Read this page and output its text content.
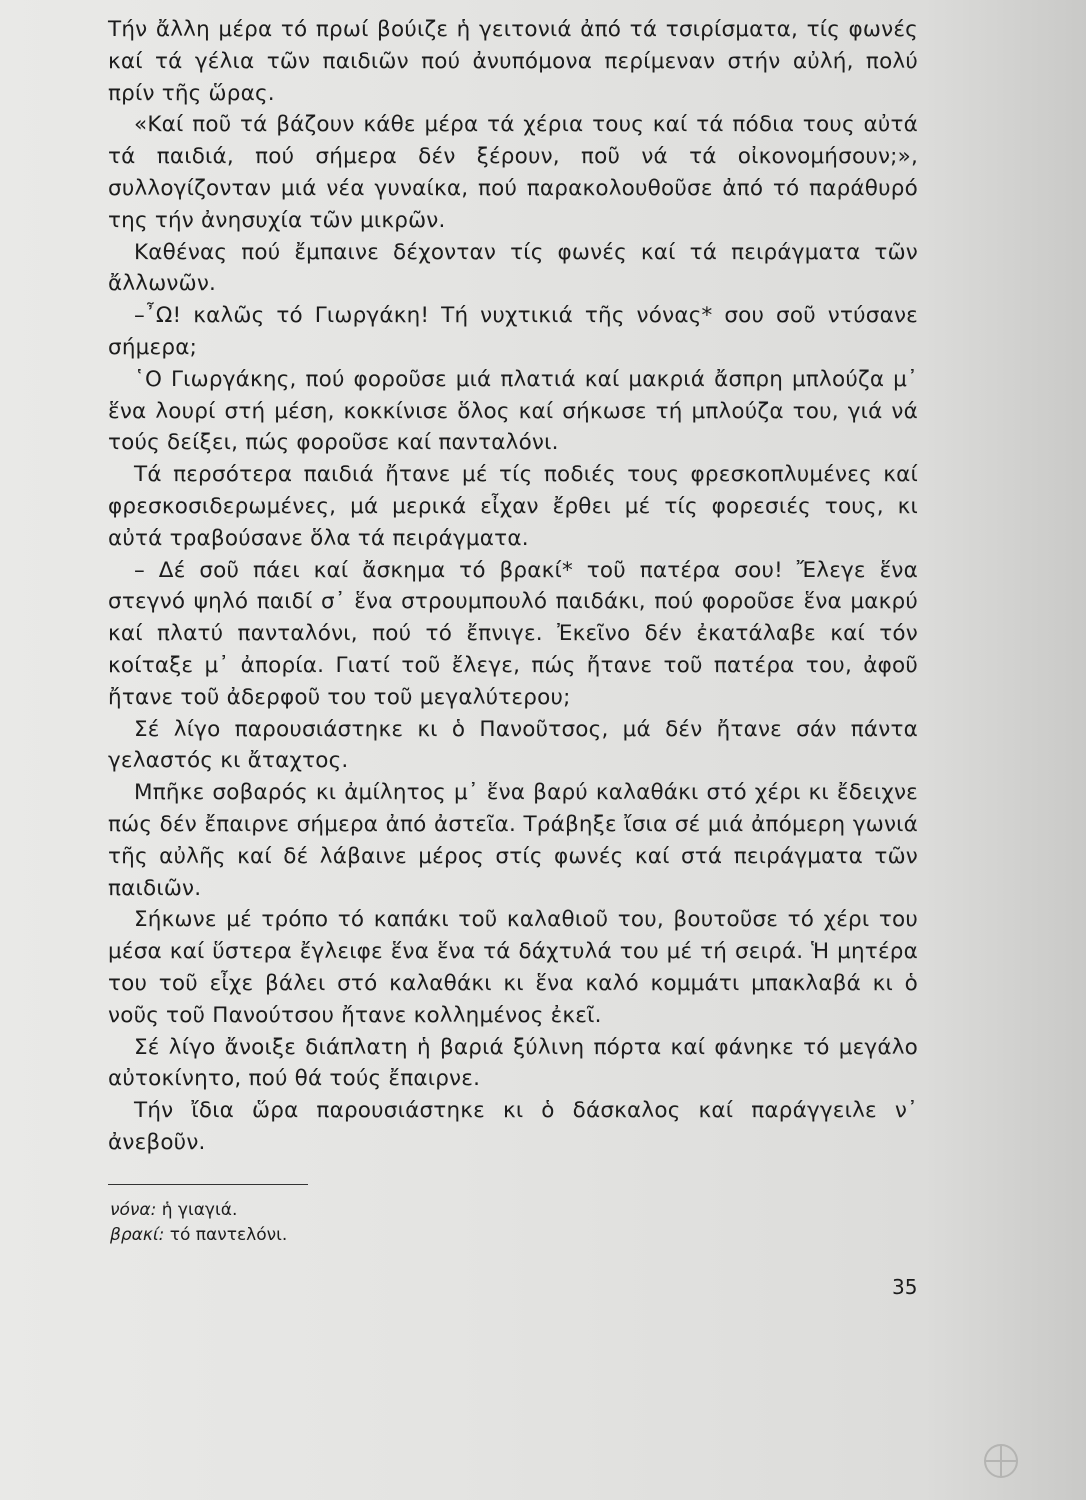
Τήν ἄλλη μέρα τό πρωί βούιζε ἡ γειτονιά ἀπό τά τσιρίσματα, τίς φωνές καί τά γέλια τῶν παιδιῶν πού ἀνυπόμονα περίμεναν στήν αὐλή, πολύ πρίν τῆς ὥρας.

«Καί ποῦ τά βάζουν κάθε μέρα τά χέρια τους καί τά πόδια τους αὐτά τά παιδιά, πού σήμερα δέν ξέρουν, ποῦ νά τά οἰκονομήσουν;», συλλογίζονταν μιά νέα γυναίκα, πού παρακολουθοῦσε ἀπό τό παράθυρό της τήν ἀνησυχία τῶν μικρῶν.

Καθένας πού ἔμπαινε δέχονταν τίς φωνές καί τά πειράγματα τῶν ἄλλωνῶν.

–῏Ω! καλῶς τό Γιωργάκη! Τή νυχτικιά τῆς νόνας* σου σοῦ ντύσανε σήμερα;

῾Ο Γιωργάκης, πού φοροῦσε μιά πλατιά καί μακριά ἄσπρη μπλούζα μ᾽ ἕνα λουρί στή μέση, κοκκίνισε ὅλος καί σήκωσε τή μπλούζα του, γιά νά τούς δείξει, πώς φοροῦσε καί πανταλόνι.

Τά περσότερα παιδιά ἤτανε μέ τίς ποδιές τους φρεσκοπλυμένες καί φρεσκοσιδερωμένες, μά μερικά εἶχαν ἔρθει μέ τίς φορεσιές τους, κι αὐτά τραβούσανε ὅλα τά πειράγματα.

– Δέ σοῦ πάει καί ἄσκημα τό βρακί* τοῦ πατέρα σου! Ἔλεγε ἕνα στεγνό ψηλό παιδί σ᾽ ἕνα στρουμπουλό παιδάκι, πού φοροῦσε ἕνα μακρύ καί πλατύ πανταλόνι, πού τό ἔπνιγε. Ἐκεῖνο δέν ἐκατάλαβε καί τόν κοίταξε μ᾽ ἀπορία. Γιατί τοῦ ἔλεγε, πώς ἤτανε τοῦ πατέρα του, ἀφοῦ ἤτανε τοῦ ἀδερφοῦ του τοῦ μεγαλύτερου;

Σέ λίγο παρουσιάστηκε κι ὁ Πανοῦτσος, μά δέν ἤτανε σάν πάντα γελαστός κι ἄταχτος.

Μπῆκε σοβαρός κι ἀμίλητος μ᾽ ἕνα βαρύ καλαθάκι στό χέρι κι ἔδειχνε πώς δέν ἔπαιρνε σήμερα ἀπό ἀστεῖα. Τράβηξε ἴσια σέ μιά ἀπόμερη γωνιά τῆς αὐλῆς καί δέ λάβαινε μέρος στίς φωνές καί στά πειράγματα τῶν παιδιῶν.

Σήκωνε μέ τρόπο τό καπάκι τοῦ καλαθιοῦ του, βουτοῦσε τό χέρι του μέσα καί ὕστερα ἔγλειφε ἕνα ἕνα τά δάχτυλά του μέ τή σειρά. Ἡ μητέρα του τοῦ εἶχε βάλει στό καλαθάκι κι ἕνα καλό κομμάτι μπακλαβά κι ὁ νοῦς τοῦ Πανούτσου ἤτανε κολλημένος ἐκεῖ.

Σέ λίγο ἄνοιξε διάπλατη ἡ βαριά ξύλινη πόρτα καί φάνηκε τό μεγάλο αὐτοκίνητο, πού θά τούς ἔπαιρνε.

Τήν ἴδια ὥρα παρουσιάστηκε κι ὁ δάσκαλος καί παράγγειλε ν᾽ ἀνεβοῦν.

νόνα: ἡ γιαγιά.
βρακί: τό παντελόνι.
35
